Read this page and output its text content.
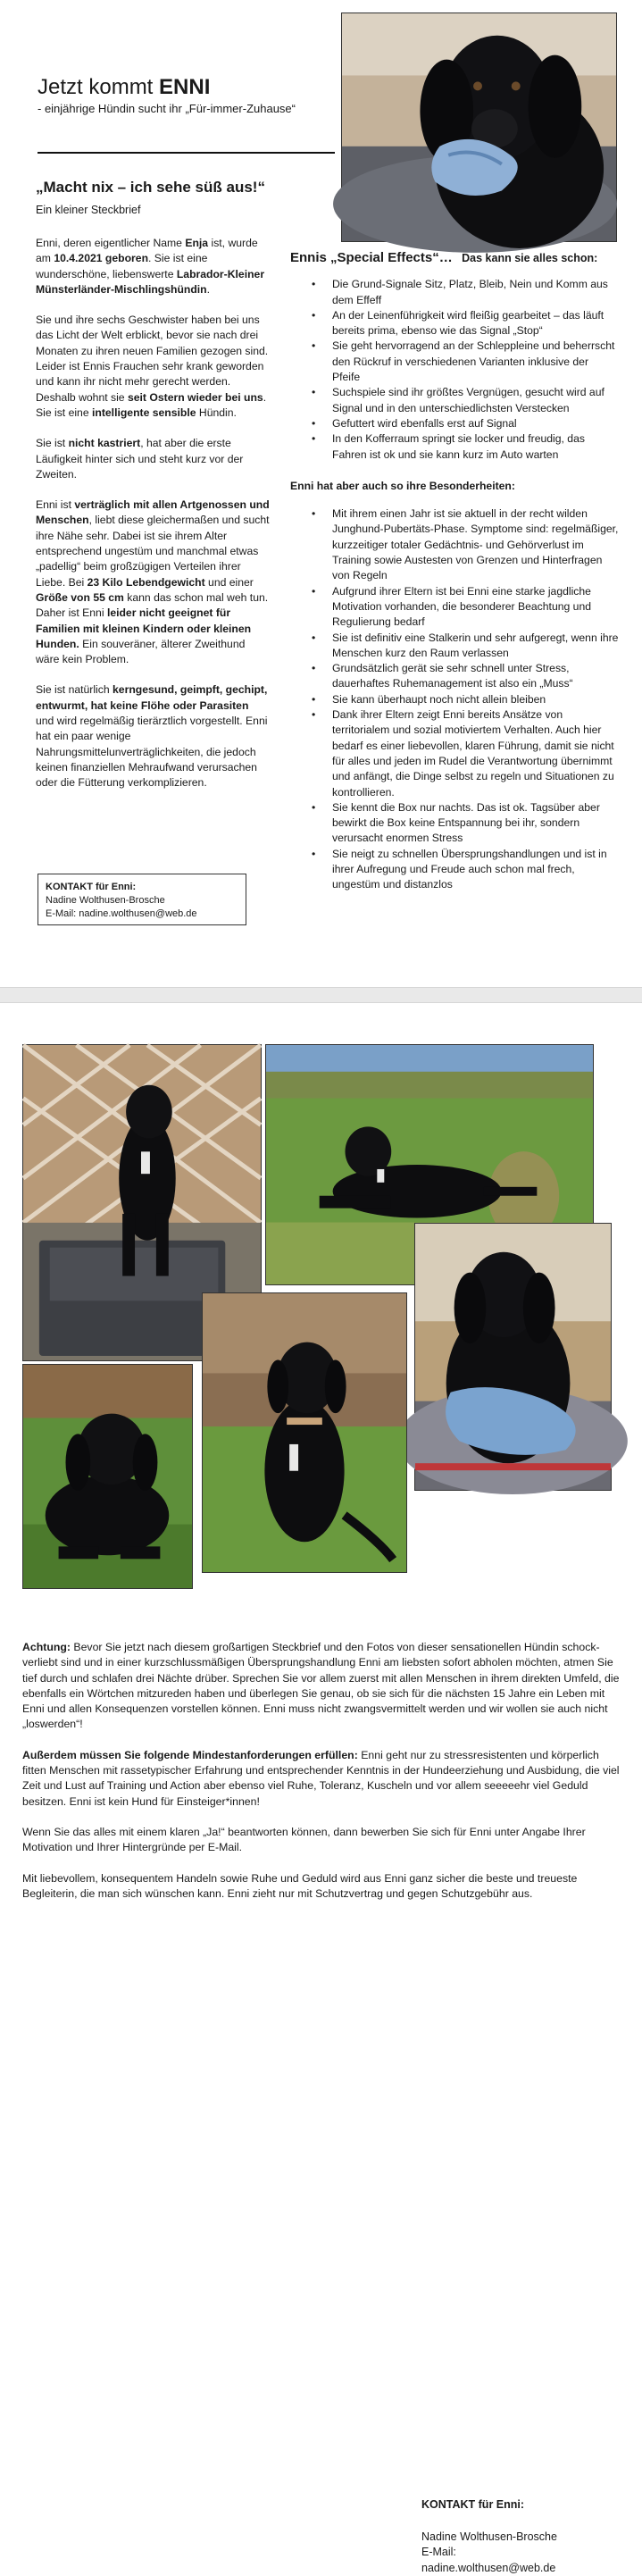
Jetzt kommt ENNI
- einjährige Hündin sucht ihr „Für-immer-Zuhause“
„Macht nix – ich sehe süß aus!“
Ein kleiner Steckbrief

Enni, deren eigentlicher Name Enja ist, wurde am 10.4.2021 geboren. Sie ist eine wunderschöne, liebenswerte Labrador-Kleiner Münsterländer-Mischlingshündin.

Sie und ihre sechs Geschwister haben bei uns das Licht der Welt erblickt, bevor sie nach drei Monaten zu ihren neuen Familien gezogen sind. Leider ist Ennis Frauchen sehr krank geworden und kann ihr nicht mehr gerecht werden. Deshalb wohnt sie seit Ostern wieder bei uns. Sie ist eine intelligente sensible Hündin.

Sie ist nicht kastriert, hat aber die erste Läufigkeit hinter sich und steht kurz vor der Zweiten.

Enni ist verträglich mit allen Artgenossen und Menschen, liebt diese gleichermaßen und sucht ihre Nähe sehr. Dabei ist sie ihrem Alter entsprechend ungestüm und manchmal etwas „padellig“ beim großzügigen Verteilen ihrer Liebe. Bei 23 Kilo Lebendgewicht und einer Größe von 55 cm kann das schon mal weh tun. Daher ist Enni leider nicht geeignet für Familien mit kleinen Kindern oder kleinen Hunden. Ein souveräner, älterer Zweithund wäre kein Problem.

Sie ist natürlich kerngesund, geimpft, gechipt, entwurmt, hat keine Flöhe oder Parasiten und wird regelmäßig tierärztlich vorgestellt. Enni hat ein paar wenige Nahrungsmittelunverträglichkeiten, die jedoch keinen finanziellen Mehraufwand verursachen oder die Fütterung verkomplizieren.

KONTAKT für Enni:
Nadine Wolthusen-Brosche
E-Mail: nadine.wolthusen@web.de
Ennis „Special Effects“… Das kann sie alles schon:
• Die Grund-Signale Sitz, Platz, Bleib, Nein und Komm aus dem Effeff
• An der Leinenführigkeit wird fleißig gearbeitet – das läuft bereits prima, ebenso wie das Signal „Stop“
• Sie geht hervorragend an der Schleppleine und beherrscht den Rückruf in verschiedenen Varianten inklusive der Pfeife
• Suchspiele sind ihr größtes Vergnügen, gesucht wird auf Signal und in den unterschiedlichsten Verstecken
• Gefuttert wird ebenfalls erst auf Signal
• In den Kofferraum springt sie locker und freudig, das Fahren ist ok und sie kann kurz im Auto warten
Enni hat aber auch so ihre Besonderheiten:
• Mit ihrem einen Jahr ist sie aktuell in der recht wilden Junghund-Pubertäts-Phase. Symptome sind: regelmäßiger, kurzzeitiger totaler Gedächtnis- und Gehörverlust im Training sowie Austesten von Grenzen und Hinterfragen von Regeln
• Aufgrund ihrer Eltern ist bei Enni eine starke jagdliche Motivation vorhanden, die besonderer Beachtung und Regulierung bedarf
• Sie ist definitiv eine Stalkerin und sehr aufgeregt, wenn ihre Menschen kurz den Raum verlassen
• Grundsätzlich gerät sie sehr schnell unter Stress, dauerhaftes Ruhemanagement ist also ein „Muss“
• Sie kann überhaupt noch nicht allein bleiben
• Dank ihrer Eltern zeigt Enni bereits Ansätze von territorialem und sozial motiviertem Verhalten. Auch hier bedarf es einer liebevollen, klaren Führung, damit sie nicht für alles und jeden im Rudel die Verantwortung übernimmt und anfängt, die Dinge selbst zu regeln und Situationen zu kontrollieren.
• Sie kennt die Box nur nachts. Das ist ok. Tagsüber aber bewirkt die Box keine Entspannung bei ihr, sondern verursacht enormen Stress
• Sie neigt zu schnellen Übersprungshandlungen und ist in ihrer Aufregung und Freude auch schon mal frech, ungestüm und distanzlos
KONTAKT für Enni:
Nadine Wolthusen-Brosche
E-Mail:
nadine.wolthusen@web.de

Achtung: Bevor Sie jetzt nach diesem großartigen Steckbrief und den Fotos von dieser sensationellen Hündin schock-verliebt sind und in einer kurzschlussmäßigen Übersprungshandlung Enni am liebsten sofort abholen möchten, atmen Sie tief durch und schlafen drei Nächte drüber. Sprechen Sie vor allem zuerst mit allen Menschen in ihrem direkten Umfeld, die ebenfalls ein Wörtchen mitzureden haben und überlegen Sie genau, ob sie sich für die nächsten 15 Jahre ein Leben mit Enni und allen Konsequenzen vorstellen können. Enni muss nicht zwangsvermittelt werden und wir wollen sie auch nicht „loswerden“!

Außerdem müssen Sie folgende Mindestanforderungen erfüllen: Enni geht nur zu stressresistenten und körperlich fitten Menschen mit rassetypischer Erfahrung und entsprechender Kenntnis in der Hundeerziehung und Ausbidung, die viel Zeit und Lust auf Training und Action aber ebenso viel Ruhe, Toleranz, Kuscheln und vor allem seeeeehr viel Geduld besitzen. Enni ist kein Hund für Einsteiger*innen!

Wenn Sie das alles mit einem klaren „Ja!“ beantworten können, dann bewerben Sie sich für Enni unter Angabe Ihrer Motivation und Ihrer Hintergründe per E-Mail.

Mit liebevollem, konsequentem Handeln sowie Ruhe und Geduld wird aus Enni ganz sicher die beste und treueste Begleiterin, die man sich wünschen kann. Enni zieht nur mit Schutzvertrag und gegen Schutzgebühr aus.
